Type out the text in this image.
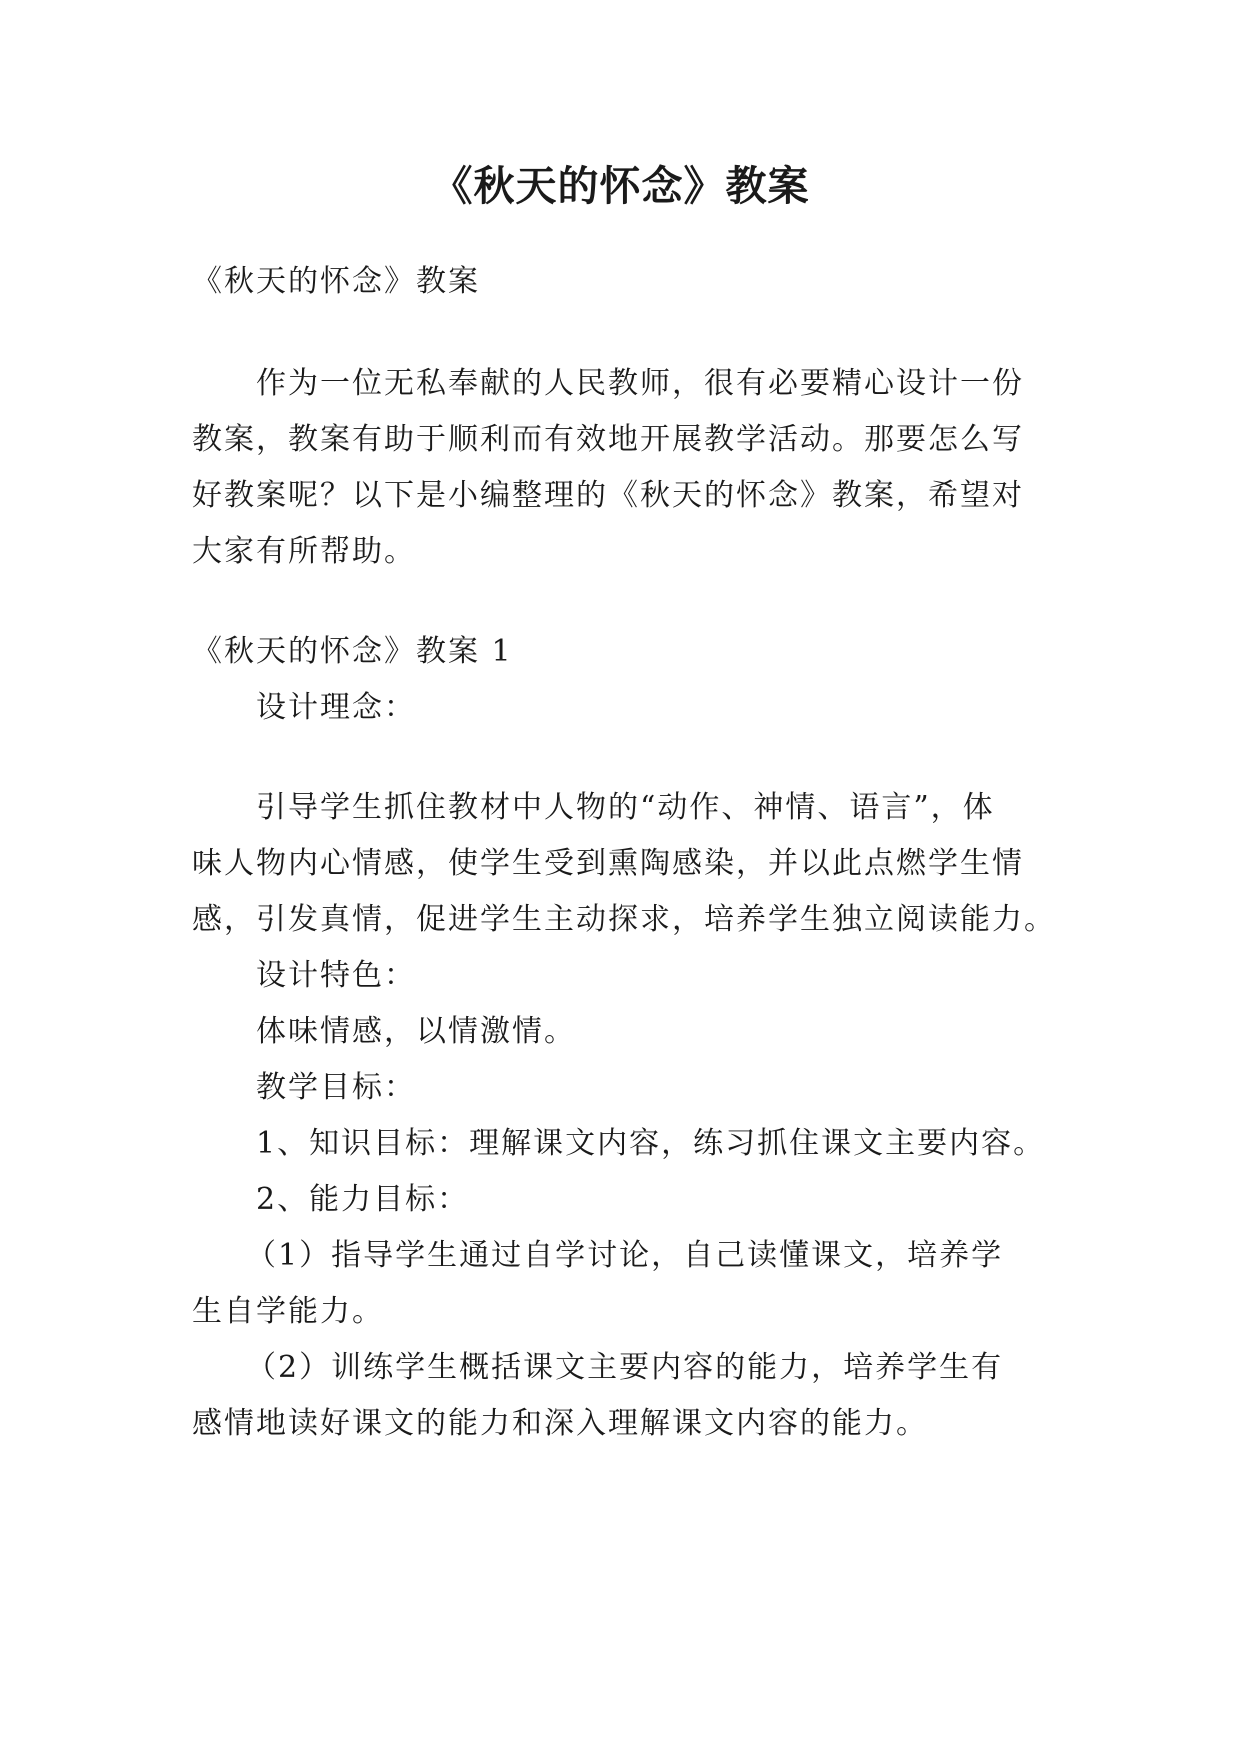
《秋天的怀念》教案
《秋天的怀念》教案
作为一位无私奉献的人民教师，很有必要精心设计一份
教案，教案有助于顺利而有效地开展教学活动。那要怎么写
好教案呢？以下是小编整理的《秋天的怀念》教案，希望对
大家有所帮助。
《秋天的怀念》教案 1
设计理念：
引导学生抓住教材中人物的“动作、神情、语言”，体
味人物内心情感，使学生受到熏陶感染，并以此点燃学生情
感，引发真情，促进学生主动探求，培养学生独立阅读能力。
设计特色：
体味情感，以情激情。
教学目标：
1、知识目标：理解课文内容，练习抓住课文主要内容。
2、能力目标：
（1）指导学生通过自学讨论，自己读懂课文，培养学
生自学能力。
（2）训练学生概括课文主要内容的能力，培养学生有
感情地读好课文的能力和深入理解课文内容的能力。
